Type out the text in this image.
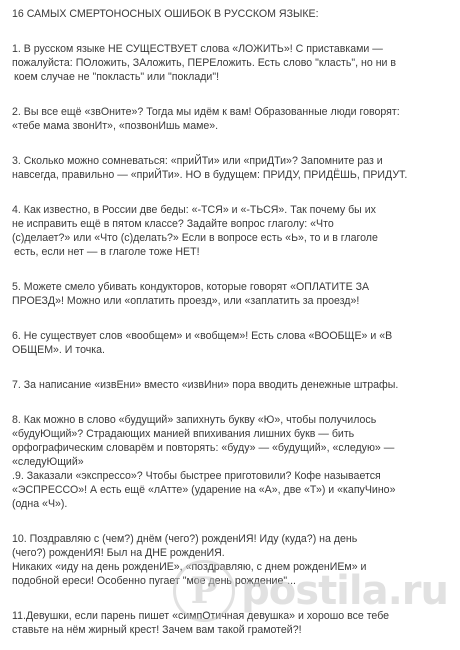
16 САМЫХ СМЕРТОНОСНЫХ ОШИБОК В РУССКОМ ЯЗЫКЕ:
1. В русском языке НЕ СУЩЕСТВУЕТ слова «ЛОЖИТЬ»! С приставками —
пожалуйста: ПОложить, ЗАложить, ПЕРЕложить. Есть слово "класть", но ни в
коем случае не "покласть" или "поклади"!
2. Вы все ещё «звОните»? Тогда мы идём к вам! Образованные люди говорят:
«тебе мама звонИт», «позвонИшь маме».
3. Сколько можно сомневаться: «приЙТи» или «приДТи»? Запомните раз и
навсегда, правильно — «приЙТи». НО в будущем: ПРИДУ, ПРИДЁШЬ, ПРИДУТ.
4. Как известно, в России две беды: «-ТСЯ» и «-ТЬСЯ». Так почему бы их
не исправить ещё в пятом классе? Задайте вопрос глаголу: «Что
(с)делает?» или «Что (с)делать?» Если в вопросе есть «Ь», то и в глаголе
есть, если нет — в глаголе тоже НЕТ!
5. Можете смело убивать кондукторов, которые говорят «ОПЛАТИТЕ ЗА
ПРОЕЗД»! Можно или «оплатить проезд», или «заплатить за проезд»!
6. Не существует слов «вообщем» и «вобщем»! Есть слова «ВООБЩЕ» и «В
ОБЩЕМ». И точка.
7. За написание «извЕни» вместо «извИни» пора вводить денежные штрафы.
8. Как можно в слово «будущий» запихнуть букву «Ю», чтобы получилось
«будуЮщий»? Страдающих манией впихивания лишних букв — бить
орфографическим словарём и повторять: «буду» — «будущий», «следую» —
«следуЮщий»
.9. Заказали «экспрессо»? Чтобы быстрее приготовили? Кофе называется
«ЭСПРЕССО»! А есть ещё «лАтте» (ударение на «А», две «Т») и «капуЧино»
(одна «Ч»).
10. Поздравляю с (чем?) днём (чего?) рожденИЯ! Иду (куда?) на день
(чего?) рожденИЯ! Был на ДНЕ рожденИЯ.
Никаких «иду на день рожденИЕ», «поздравляю, с днем рожденИЕм» и
подобной ереси! Особенно пугает "мое день рождение"...
11.Девушки, если парень пишет «симпОтичная девушка» и хорошо все тебе
ставьте на нём жирный крест! Зачем вам такой грамотей?!
P postila.ru
